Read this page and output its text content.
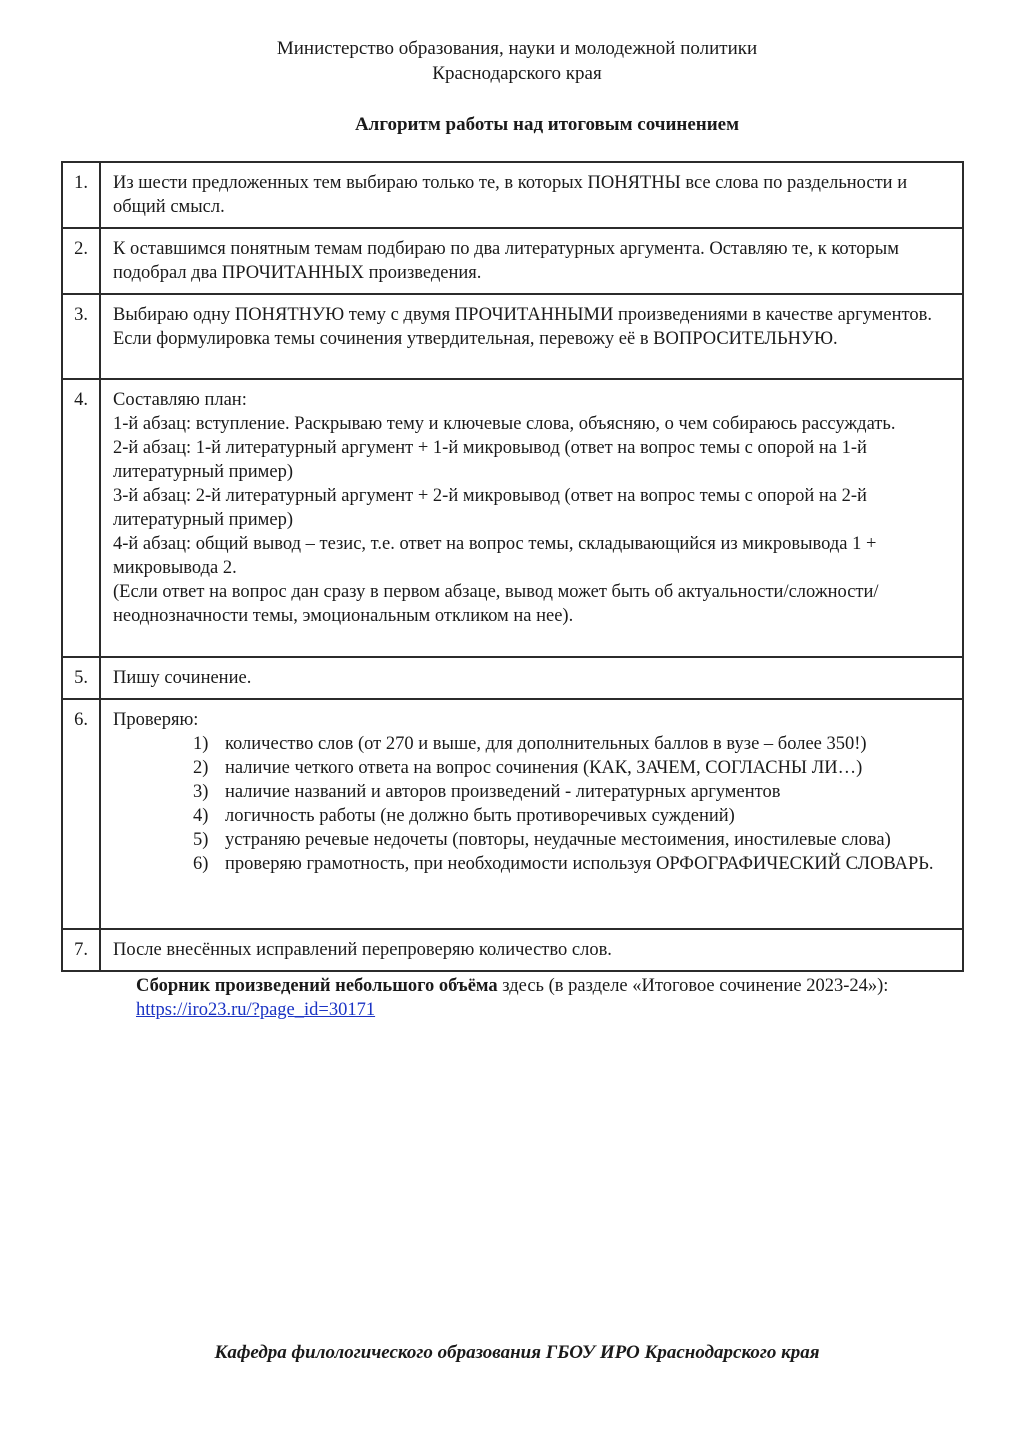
Министерство образования, науки и молодежной политики
Краснодарского края
Алгоритм работы над итоговым сочинением
1.	Из шести предложенных тем выбираю только те, в которых ПОНЯТНЫ все слова по раздельности и общий смысл.

2.	К оставшимся понятным темам подбираю по два литературных аргумента. Оставляю те, к которым подобрал два ПРОЧИТАННЫХ произведения.

3.	Выбираю одну ПОНЯТНУЮ тему с двумя ПРОЧИТАННЫМИ произведениями в качестве аргументов. Если формулировка темы сочинения утвердительная, перевожу её в ВОПРОСИТЕЛЬНУЮ.

4.	Составляю план:
1-й абзац: вступление. Раскрываю тему и ключевые слова, объясняю, о чем собираюсь рассуждать.
2-й абзац: 1-й литературный аргумент + 1-й микровывод (ответ на вопрос темы с опорой на 1-й литературный пример)
3-й абзац: 2-й литературный аргумент + 2-й микровывод (ответ на вопрос темы с опорой на 2-й литературный пример)
4-й абзац: общий вывод – тезис, т.е. ответ на вопрос темы, складывающийся из микровывода 1 + микровывода 2.
(Если ответ на вопрос дан сразу в первом абзаце, вывод может быть об актуальности/сложности/неоднозначности темы, эмоциональным откликом на нее).

5.	Пишу сочинение.

6.	Проверяю:
1) количество слов (от 270 и выше, для дополнительных баллов в вузе – более 350!)
2) наличие четкого ответа на вопрос сочинения (КАК, ЗАЧЕМ, СОГЛАСНЫ ЛИ…)
3) наличие названий и авторов произведений - литературных аргументов
4) логичность работы (не должно быть противоречивых суждений)
5) устраняю речевые недочеты (повторы, неудачные местоимения, иностилевые слова)
6) проверяю грамотность, при необходимости используя ОРФОГРАФИЧЕСКИЙ СЛОВАРЬ.

7.	После внесённых исправлений перепроверяю количество слов.
Сборник произведений небольшого объёма здесь (в разделе «Итоговое сочинение 2023-24»):
https://iro23.ru/?page_id=30171
Кафедра филологического образования ГБОУ ИРО Краснодарского края
